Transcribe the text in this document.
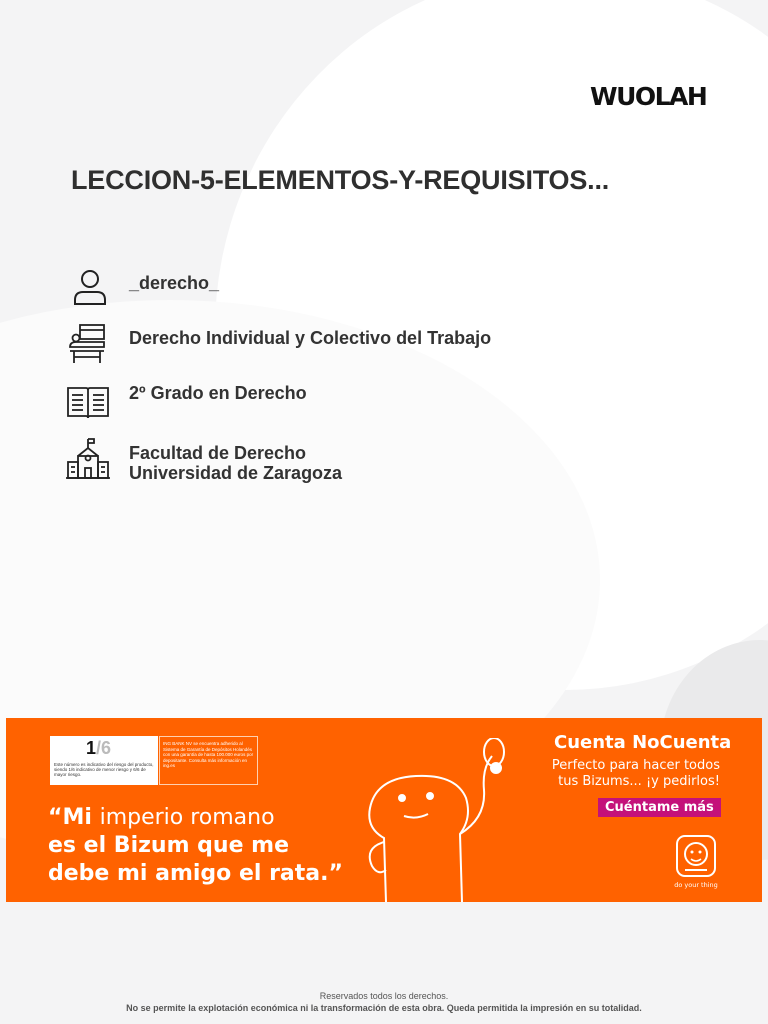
WUOLAH
LECCION-5-ELEMENTOS-Y-REQUISITOS...
_derecho_
Derecho Individual y Colectivo del Trabajo
2º Grado en Derecho
Facultad de Derecho
Universidad de Zaragoza
1/6
Este número es indicativo del riesgo del producto, siendo 1/6 indicativo de menor riesgo y 6/6 de mayor riesgo.
ING BANK NV se encuentra adherido al Sistema de Garantía de Depósitos Holandés con una garantía de hasta 100.000 euros por depositante. Consulta más información en ing.es
“Mi imperio romano
es el Bizum que me
debe mi amigo el rata.”
Cuenta NoCuenta
Perfecto para hacer todos
tus Bizums... ¡y pedirlos!
Cuéntame más
do your thing
Reservados todos los derechos.
No se permite la explotación económica ni la transformación de esta obra. Queda permitida la impresión en su totalidad.
